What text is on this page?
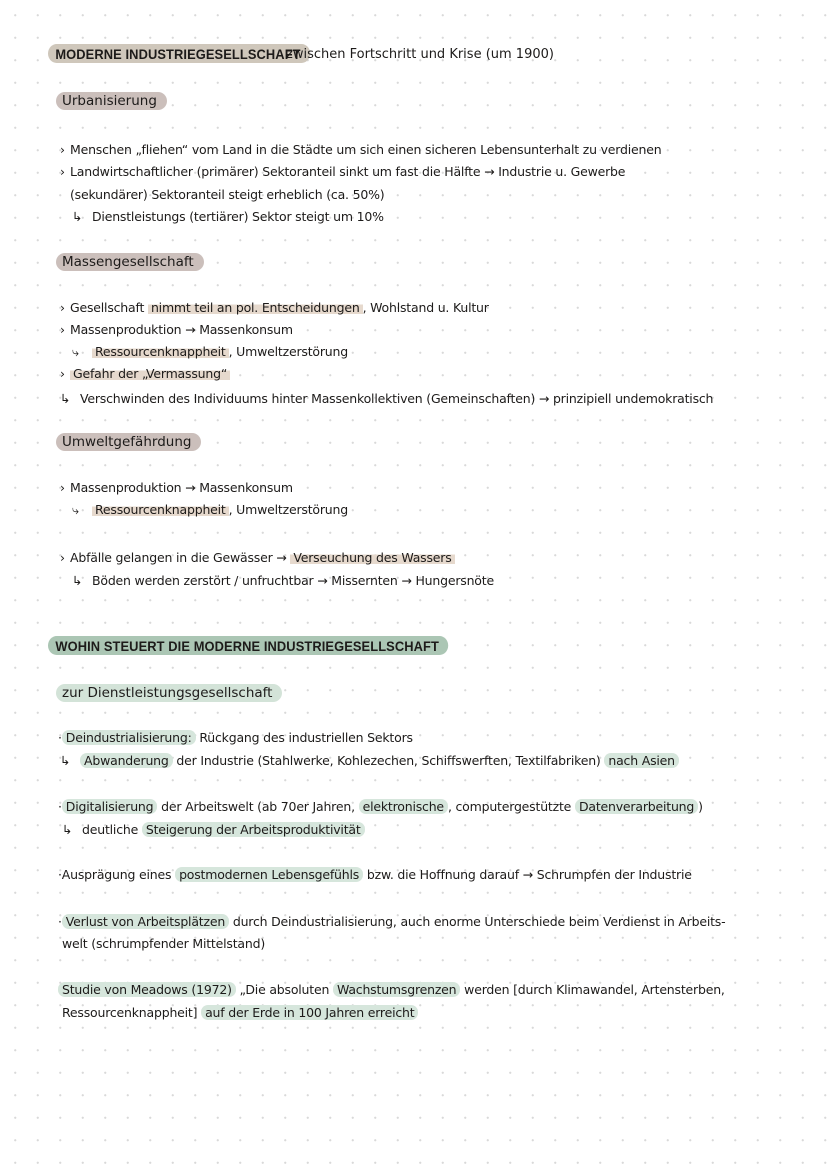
MODERNE INDUSTRIEGESELLSCHAFT
zwischen Fortschritt und Krise (um 1900)
Urbanisierung
› Menschen „fliehen“ vom Land in die Städte um sich einen sicheren Lebensunterhalt zu verdienen
› Landwirtschaftlicher (primärer) Sektoranteil sinkt um fast die Hälfte → Industrie u. Gewerbe
(sekundärer) Sektoranteil steigt erheblich (ca. 50%)
↳ Dienstleistungs (tertiärer) Sektor steigt um 10%
Massengesellschaft
› Gesellschaft nimmt teil an pol. Entscheidungen , Wohlstand u. Kultur
› Massenproduktion → Massenkonsum
⤷ Ressourcenknappheit , Umweltzerstörung
› Gefahr der „Vermassung“
↳ Verschwinden des Individuums hinter Massenkollektiven (Gemeinschaften) → prinzipiell undemokratisch
Umweltgefährdung
› Massenproduktion → Massenkonsum
⤷ Ressourcenknappheit , Umweltzerstörung
› Abfälle gelangen in die Gewässer → Verseuchung des Wassers
↳ Böden werden zerstört / unfruchtbar → Missernten → Hungersnöte
WOHIN STEUERT DIE MODERNE INDUSTRIEGESELLSCHAFT
zur Dienstleistungsgesellschaft
· Deindustrialisierung: Rückgang des industriellen Sektors
↳ Abwanderung der Industrie (Stahlwerke, Kohlezechen, Schiffswerften, Textilfabriken) nach Asien
· Digitalisierung der Arbeitswelt (ab 70er Jahren, elektronische , computergestützte Datenverarbeitung )
↳ deutliche Steigerung der Arbeitsproduktivität
·Ausprägung eines postmodernen Lebensgefühls bzw. die Hoffnung darauf → Schrumpfen der Industrie
· Verlust von Arbeitsplätzen durch Deindustrialisierung, auch enorme Unterschiede beim Verdienst in Arbeits-
welt (schrumpfender Mittelstand)
Studie von Meadows (1972) „Die absoluten Wachstumsgrenzen werden [durch Klimawandel, Artensterben,
Ressourcenknappheit] auf der Erde in 100 Jahren erreicht
